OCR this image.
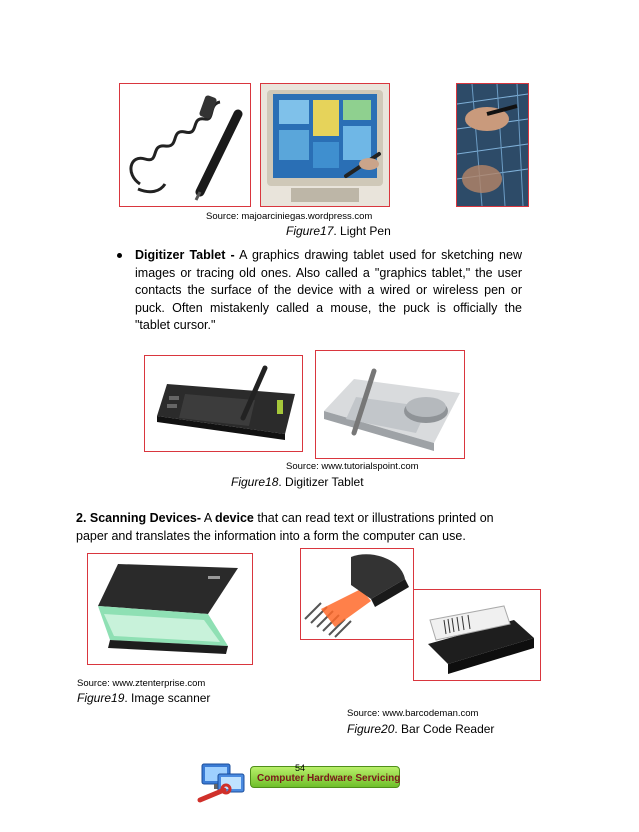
Source: majoarciniegas.wordpress.com
Figure17. Light Pen

Digitizer Tablet - A graphics drawing tablet used for sketching new images or tracing old ones. Also called a "graphics tablet," the user contacts the surface of the device with a wired or wireless pen or puck. Often mistakenly called a mouse, the puck is officially the "tablet cursor."

Source: www.tutorialspoint.com
Figure18. Digitizer Tablet

2. Scanning Devices- A device that can read text or illustrations printed on paper and translates the information into a form the computer can use.

Source: www.ztenterprise.com
Figure19. Image scanner
Source: www.barcodeman.com
Figure20. Bar Code Reader
Computer Hardware Servicing
54
